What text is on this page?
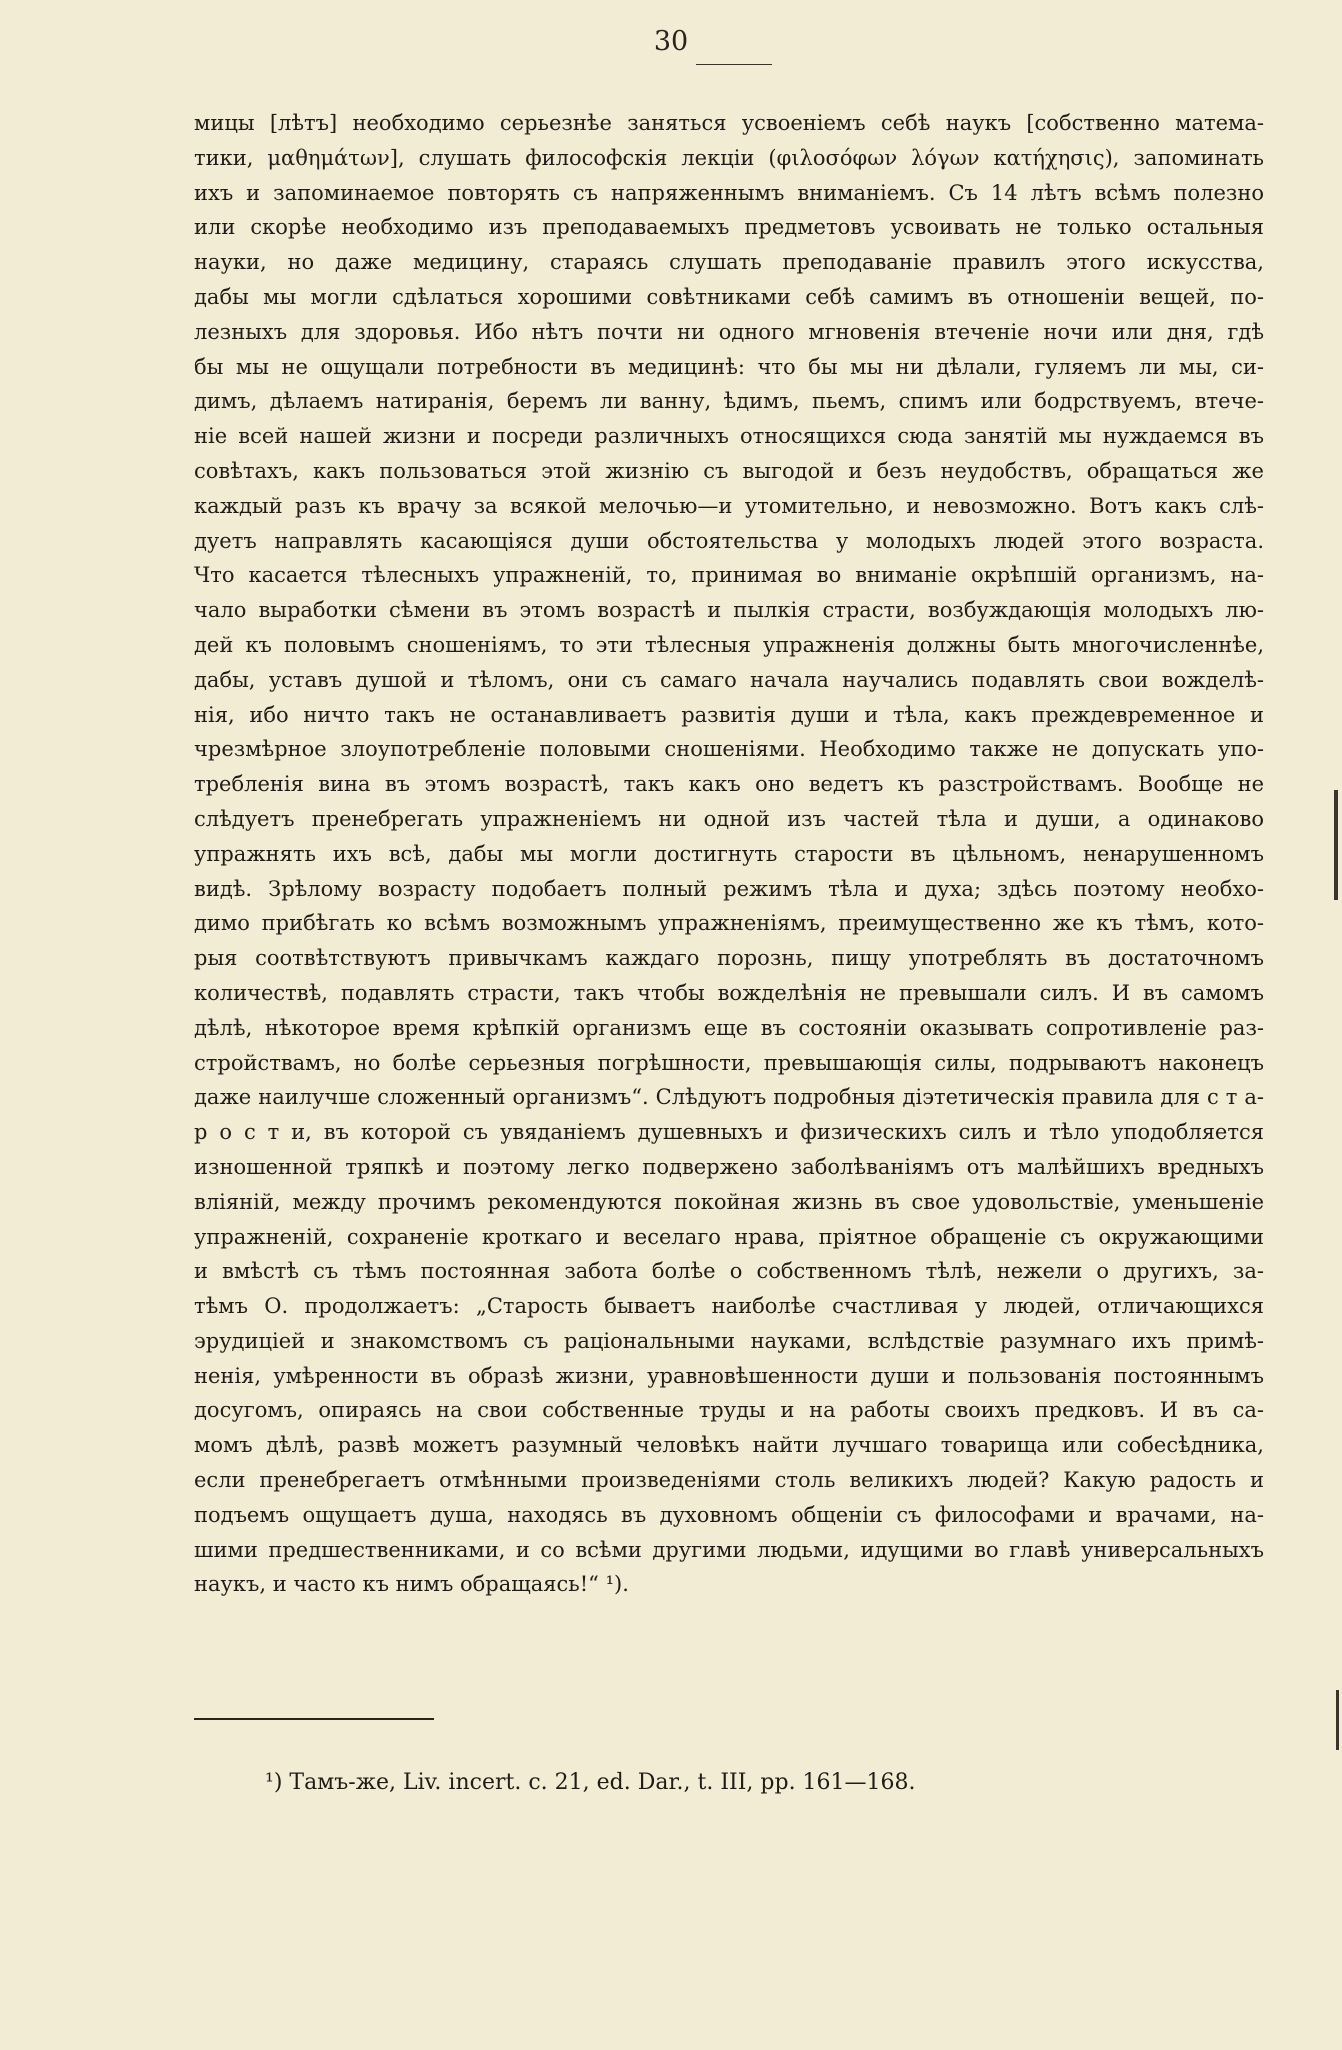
30
мицы [лѣтъ] необходимо серьезнѣе заняться усвоеніемъ себѣ наукъ [собственно матема-
тики, μαθημάτων], слушать философскія лекціи (φιλοσόφων λόγων κατήχησις), запоминать
ихъ и запоминаемое повторять съ напряженнымъ вниманіемъ. Съ 14 лѣтъ всѣмъ полезно
или скорѣе необходимо изъ преподаваемыхъ предметовъ усвоивать не только остальныя
науки, но даже медицину, стараясь слушать преподаваніе правилъ этого искусства,
дабы мы могли сдѣлаться хорошими совѣтниками себѣ самимъ въ отношеніи вещей, по-
лезныхъ для здоровья. Ибо нѣтъ почти ни одного мгновенія втеченіе ночи или дня, гдѣ
бы мы не ощущали потребности въ медицинѣ: что бы мы ни дѣлали, гуляемъ ли мы, си-
димъ, дѣлаемъ натиранія, беремъ ли ванну, ѣдимъ, пьемъ, спимъ или бодрствуемъ, втече-
ніе всей нашей жизни и посреди различныхъ относящихся сюда занятій мы нуждаемся въ
совѣтахъ, какъ пользоваться этой жизнію съ выгодой и безъ неудобствъ, обращаться же
каждый разъ къ врачу за всякой мелочью—и утомительно, и невозможно. Вотъ какъ слѣ-
дуетъ направлять касающіяся души обстоятельства у молодыхъ людей этого возраста.
Что касается тѣлесныхъ упражненій, то, принимая во вниманіе окрѣпшій организмъ, на-
чало выработки сѣмени въ этомъ возрастѣ и пылкія страсти, возбуждающія молодыхъ лю-
дей къ половымъ сношеніямъ, то эти тѣлесныя упражненія должны быть многочисленнѣе,
дабы, уставъ душой и тѣломъ, они съ самаго начала научались подавлять свои вожделѣ-
нія, ибо ничто такъ не останавливаетъ развитія души и тѣла, какъ преждевременное и
чрезмѣрное злоупотребленіе половыми сношеніями. Необходимо также не допускать упо-
требленія вина въ этомъ возрастѣ, такъ какъ оно ведетъ къ разстройствамъ. Вообще не
слѣдуетъ пренебрегать упражненіемъ ни одной изъ частей тѣла и души, а одинаково
упражнять ихъ всѣ, дабы мы могли достигнуть старости въ цѣльномъ, ненарушенномъ
видѣ. Зрѣлому возрасту подобаетъ полный режимъ тѣла и духа; здѣсь поэтому необхо-
димо прибѣгать ко всѣмъ возможнымъ упражненіямъ, преимущественно же къ тѣмъ, кото-
рыя соотвѣтствуютъ привычкамъ каждаго порознь, пищу употреблять въ достаточномъ
количествѣ, подавлять страсти, такъ чтобы вожделѣнія не превышали силъ. И въ самомъ
дѣлѣ, нѣкоторое время крѣпкій организмъ еще въ состояніи оказывать сопротивленіе раз-
стройствамъ, но болѣе серьезныя погрѣшности, превышающія силы, подрываютъ наконецъ
даже наилучше сложенный организмъ“. Слѣдуютъ подробныя діэтетическія правила для с т а-
р о с т и, въ которой съ увяданіемъ душевныхъ и физическихъ силъ и тѣло уподобляется
изношенной тряпкѣ и поэтому легко подвержено заболѣваніямъ отъ малѣйшихъ вредныхъ
вліяній, между прочимъ рекомендуются покойная жизнь въ свое удовольствіе, уменьшеніе
упражненій, сохраненіе кроткаго и веселаго нрава, пріятное обращеніе съ окружающими
и вмѣстѣ съ тѣмъ постоянная забота болѣе о собственномъ тѣлѣ, нежели о другихъ, за-
тѣмъ О. продолжаетъ: „Старость бываетъ наиболѣе счастливая у людей, отличающихся
эрудиціей и знакомствомъ съ раціональными науками, вслѣдствіе разумнаго ихъ примѣ-
ненія, умѣренности въ образѣ жизни, уравновѣшенности души и пользованія постояннымъ
досугомъ, опираясь на свои собственные труды и на работы своихъ предковъ. И въ са-
момъ дѣлѣ, развѣ можетъ разумный человѣкъ найти лучшаго товарища или собесѣдника,
если пренебрегаетъ отмѣнными произведеніями столь великихъ людей? Какую радость и
подъемъ ощущаетъ душа, находясь въ духовномъ общеніи съ философами и врачами, на-
шими предшественниками, и со всѣми другими людьми, идущими во главѣ универсальныхъ
наукъ, и часто къ нимъ обращаясь!“ ¹).
¹) Тамъ-же, Liv. incert. c. 21, ed. Dar., t. III, pp. 161—168.
